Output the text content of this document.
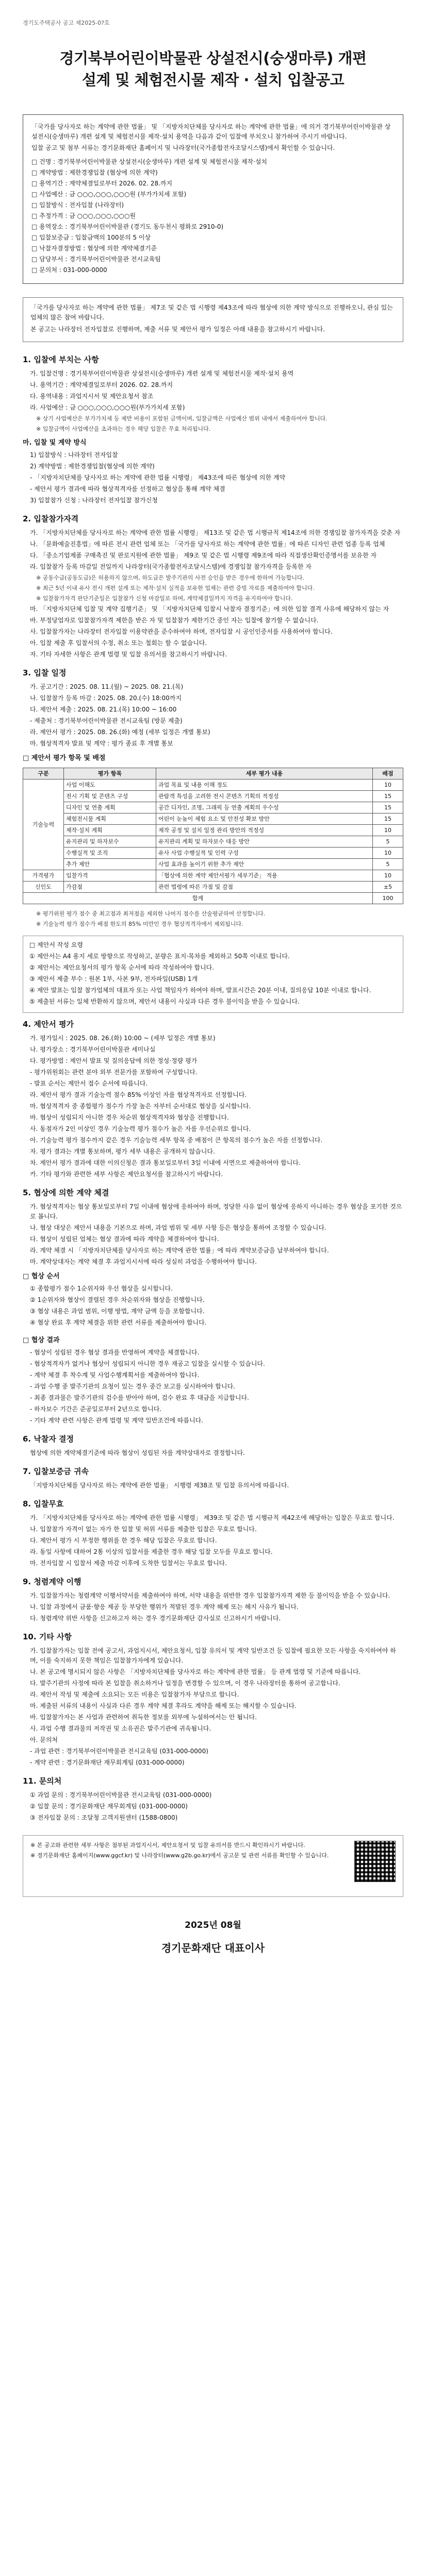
경기도주택공사 공고 제2025-0?호

경기북부어린이박물관 상설전시(숭생마루) 개편
설계 및 체험전시물 제작 · 설치 입찰공고

「국가를 당사자로 하는 계약에 관한 법률」 및 「지방자치단체를 당사자로 하는 계약에 관한 법률」에 의거 경기북부어린이박물관 상설전시(숭생마루) 개편 설계 및 체험전시물 제작·설치 용역을 다음과 같이 입찰에 부치오니 참가하여 주시기 바랍니다.

입찰 공고 및 첨부 서류는 경기문화재단 홈페이지 및 나라장터(국가종합전자조달시스템)에서 확인할 수 있습니다.

□ 건명 : 경기북부어린이박물관 상설전시(숭생마루) 개편 설계 및 체험전시물 제작·설치

□ 계약방법 : 제한경쟁입찰 (협상에 의한 계약)

□ 용역기간 : 계약체결일로부터 2026. 02. 28.까지

□ 사업예산 : 금 ○○○,○○○,○○○원 (부가가치세 포함)

□ 입찰방식 : 전자입찰 (나라장터)

□ 추정가격 : 금 ○○○,○○○,○○○원

□ 용역장소 : 경기북부어린이박물관 (경기도 동두천시 평화로 2910-0)

□ 입찰보증금 : 입찰금액의 100분의 5 이상

□ 낙찰자결정방법 : 협상에 의한 계약체결기준

□ 담당부서 : 경기북부어린이박물관 전시교육팀

□ 문의처 : 031-000-0000

「국가를 당사자로 하는 계약에 관한 법률」 제7조 및 같은 법 시행령 제43조에 따라 협상에 의한 계약 방식으로 진행하오니, 관심 있는 업체의 많은 참여 바랍니다.

본 공고는 나라장터 전자입찰로 진행하며, 제출 서류 및 제안서 평가 일정은 아래 내용을 참고하시기 바랍니다.

1. 입찰에 부치는 사항

가. 입찰건명 : 경기북부어린이박물관 상설전시(숭생마루) 개편 설계 및 체험전시물 제작·설치 용역

나. 용역기간 : 계약체결일로부터 2026. 02. 28.까지

다. 용역내용 : 과업지시서 및 제안요청서 참조

라. 사업예산 : 금 ○○○,○○○,○○○원(부가가치세 포함)

※ 상기 사업예산은 부가가치세 등 제반 비용이 포함된 금액이며, 입찰금액은 사업예산 범위 내에서 제출하여야 합니다.

※ 입찰금액이 사업예산을 초과하는 경우 해당 입찰은 무효 처리됩니다.

마. 입찰 및 계약 방식

1) 입찰방식 : 나라장터 전자입찰

2) 계약방법 : 제한경쟁입찰(협상에 의한 계약)

- 「지방자치단체를 당사자로 하는 계약에 관한 법률 시행령」 제43조에 따른 협상에 의한 계약

- 제안서 평가 결과에 따라 협상적격자를 선정하고 협상을 통해 계약 체결

3) 입찰참가 신청 : 나라장터 전자입찰 참가신청

2. 입찰참가자격

가. 「지방자치단체를 당사자로 하는 계약에 관한 법률 시행령」 제13조 및 같은 법 시행규칙 제14조에 의한 경쟁입찰 참가자격을 갖춘 자

나. 「문화예술진흥법」에 따른 전시 관련 업체 또는 「국가를 당사자로 하는 계약에 관한 법률」에 따른 디자인 관련 업종 등록 업체

다. 「중소기업제품 구매촉진 및 판로지원에 관한 법률」 제9조 및 같은 법 시행령 제9조에 따라 직접생산확인증명서를 보유한 자

라. 입찰참가 등록 마감일 전일까지 나라장터(국가종합전자조달시스템)에 경쟁입찰 참가자격을 등록한 자

※ 공동수급(공동도급)은 허용하지 않으며, 하도급은 발주기관의 사전 승인을 받은 경우에 한하여 가능합니다.

※ 최근 5년 이내 유사 전시 개편 설계 또는 제작·설치 실적을 보유한 업체는 관련 증빙 자료를 제출하여야 합니다.

※ 입찰참가자격 판단기준일은 입찰참가 신청 마감일로 하며, 계약체결일까지 자격을 유지하여야 합니다.

마. 「지방자치단체 입찰 및 계약 집행기준」 및 「지방자치단체 입찰시 낙찰자 결정기준」에 의한 입찰 결격 사유에 해당하지 않는 자

바. 부정당업자로 입찰참가자격 제한을 받은 자 및 입찰참가 제한기간 중인 자는 입찰에 참가할 수 없습니다.

사. 입찰참가자는 나라장터 전자입찰 이용약관을 준수하여야 하며, 전자입찰 시 공인인증서를 사용하여야 합니다.

아. 입찰 제출 후 입찰서의 수정, 취소 또는 철회는 할 수 없습니다.

자. 기타 자세한 사항은 관계 법령 및 입찰 유의서를 참고하시기 바랍니다.

3. 입찰 일정

가. 공고기간 : 2025. 08. 11.(월) ~ 2025. 08. 21.(목)

나. 입찰참가 등록 마감 : 2025. 08. 20.(수) 18:00까지

다. 제안서 제출 : 2025. 08. 21.(목) 10:00 ~ 16:00

- 제출처 : 경기북부어린이박물관 전시교육팀 (방문 제출)

라. 제안서 평가 : 2025. 08. 26.(화) 예정 (세부 일정은 개별 통보)

마. 협상적격자 발표 및 계약 : 평가 종료 후 개별 통보

□ 제안서 평가 항목 및 배점

구분	평가 항목	세부 평가 내용	배점
기술능력	사업 이해도	과업 목표 및 내용 이해 정도	10
	전시 기획 및 콘텐츠 구성	관람객 특성을 고려한 전시 콘텐츠 기획의 적정성	15
	디자인 및 연출 계획	공간 디자인, 조명, 그래픽 등 연출 계획의 우수성	15
	체험전시물 계획	어린이 눈높이 체험 요소 및 안전성 확보 방안	15
	제작·설치 계획	제작 공정 및 설치 일정 관리 방안의 적정성	10
	유지관리 및 하자보수	유지관리 계획 및 하자보수 대응 방안	5
	수행실적 및 조직	유사 사업 수행실적 및 인력 구성	10
	추가 제안	사업 효과를 높이기 위한 추가 제안	5
가격평가	입찰가격	「협상에 의한 계약 제안서평가 세부기준」 적용	10
신인도	가감점	관련 법령에 따른 가점 및 감점	±5
합계			100

※ 평가위원 평가 점수 중 최고점과 최저점을 제외한 나머지 점수를 산술평균하여 산정합니다.

※ 기술능력 평가 점수가 배점 한도의 85% 미만인 경우 협상적격자에서 제외됩니다.

□ 제안서 작성 요령

① 제안서는 A4 용지 세로 방향으로 작성하고, 분량은 표지·목차를 제외하고 50쪽 이내로 합니다.

② 제안서는 제안요청서의 평가 항목 순서에 따라 작성하여야 합니다.

③ 제안서 제출 부수 : 원본 1부, 사본 9부, 전자파일(USB) 1개

④ 제안 발표는 입찰 참가업체의 대표자 또는 사업 책임자가 하여야 하며, 발표시간은 20분 이내, 질의응답 10분 이내로 합니다.

⑤ 제출된 서류는 일체 반환하지 않으며, 제안서 내용이 사실과 다른 경우 불이익을 받을 수 있습니다.

4. 제안서 평가

가. 평가일시 : 2025. 08. 26.(화) 10:00 ~ (세부 일정은 개별 통보)

나. 평가장소 : 경기북부어린이박물관 세미나실

다. 평가방법 : 제안서 발표 및 질의응답에 의한 정성·정량 평가

- 평가위원회는 관련 분야 외부 전문가를 포함하여 구성합니다.

- 발표 순서는 제안서 접수 순서에 따릅니다.

라. 제안서 평가 결과 기술능력 점수 85% 이상인 자를 협상적격자로 선정합니다.

마. 협상적격자 중 종합평가 점수가 가장 높은 자부터 순서대로 협상을 실시합니다.

바. 협상이 성립되지 아니한 경우 차순위 협상적격자와 협상을 진행합니다.

사. 동점자가 2인 이상인 경우 기술능력 평가 점수가 높은 자를 우선순위로 합니다.

아. 기술능력 평가 점수까지 같은 경우 기술능력 세부 항목 중 배점이 큰 항목의 점수가 높은 자를 선정합니다.

자. 평가 결과는 개별 통보하며, 평가 세부 내용은 공개하지 않습니다.

차. 제안서 평가 결과에 대한 이의신청은 결과 통보일로부터 3일 이내에 서면으로 제출하여야 합니다.

카. 기타 평가와 관련한 세부 사항은 제안요청서를 참고하시기 바랍니다.

5. 협상에 의한 계약 체결

가. 협상적격자는 협상 통보일로부터 7일 이내에 협상에 응하여야 하며, 정당한 사유 없이 협상에 응하지 아니하는 경우 협상을 포기한 것으로 봅니다.

나. 협상 대상은 제안서 내용을 기본으로 하며, 과업 범위 및 세부 사항 등은 협상을 통하여 조정할 수 있습니다.

다. 협상이 성립된 업체는 협상 결과에 따라 계약을 체결하여야 합니다.

라. 계약 체결 시 「지방자치단체를 당사자로 하는 계약에 관한 법률」에 따라 계약보증금을 납부하여야 합니다.

마. 계약상대자는 계약 체결 후 과업지시서에 따라 성실히 과업을 수행하여야 합니다.

□ 협상 순서

① 종합평가 점수 1순위자와 우선 협상을 실시합니다.

② 1순위자와 협상이 결렬된 경우 차순위자와 협상을 진행합니다.

③ 협상 내용은 과업 범위, 이행 방법, 계약 금액 등을 포함합니다.

④ 협상 완료 후 계약 체결을 위한 관련 서류를 제출하여야 합니다.

□ 협상 결과

- 협상이 성립된 경우 협상 결과를 반영하여 계약을 체결합니다.

- 협상적격자가 없거나 협상이 성립되지 아니한 경우 재공고 입찰을 실시할 수 있습니다.

- 계약 체결 후 착수계 및 사업수행계획서를 제출하여야 합니다.

- 과업 수행 중 발주기관의 요청이 있는 경우 중간 보고를 실시하여야 합니다.

- 최종 결과물은 발주기관의 검수를 받아야 하며, 검수 완료 후 대금을 지급합니다.

- 하자보수 기간은 준공일로부터 2년으로 합니다.

- 기타 계약 관련 사항은 관계 법령 및 계약 일반조건에 따릅니다.

6. 낙찰자 결정

협상에 의한 계약체결기준에 따라 협상이 성립된 자를 계약상대자로 결정합니다.

7. 입찰보증금 귀속

「지방자치단체를 당사자로 하는 계약에 관한 법률」 시행령 제38조 및 입찰 유의서에 따릅니다.

8. 입찰무효

가. 「지방자치단체를 당사자로 하는 계약에 관한 법률 시행령」 제39조 및 같은 법 시행규칙 제42조에 해당하는 입찰은 무효로 합니다.

나. 입찰참가 자격이 없는 자가 한 입찰 및 허위 서류를 제출한 입찰은 무효로 합니다.

다. 제안서 평가 시 부정한 행위를 한 경우 해당 입찰은 무효로 합니다.

라. 동일 사항에 대하여 2통 이상의 입찰서를 제출한 경우 해당 입찰 모두를 무효로 합니다.

마. 전자입찰 시 입찰서 제출 마감 이후에 도착한 입찰서는 무효로 합니다.

9. 청렴계약 이행

가. 입찰참가자는 청렴계약 이행서약서를 제출하여야 하며, 서약 내용을 위반한 경우 입찰참가자격 제한 등 불이익을 받을 수 있습니다.

나. 입찰 과정에서 금품·향응 제공 등 부당한 행위가 적발된 경우 계약 해제 또는 해지 사유가 됩니다.

다. 청렴계약 위반 사항을 신고하고자 하는 경우 경기문화재단 감사실로 신고하시기 바랍니다.

10. 기타 사항

가. 입찰참가자는 입찰 전에 공고서, 과업지시서, 제안요청서, 입찰 유의서 및 계약 일반조건 등 입찰에 필요한 모든 사항을 숙지하여야 하며, 이를 숙지하지 못한 책임은 입찰참가자에게 있습니다.

나. 본 공고에 명시되지 않은 사항은 「지방자치단체를 당사자로 하는 계약에 관한 법률」 등 관계 법령 및 기준에 따릅니다.

다. 발주기관의 사정에 따라 본 입찰을 취소하거나 일정을 변경할 수 있으며, 이 경우 나라장터를 통하여 공고합니다.

라. 제안서 작성 및 제출에 소요되는 모든 비용은 입찰참가자 부담으로 합니다.

마. 제출된 서류의 내용이 사실과 다른 경우 계약 체결 후라도 계약을 해제 또는 해지할 수 있습니다.

바. 입찰참가자는 본 사업과 관련하여 취득한 정보를 외부에 누설하여서는 안 됩니다.

사. 과업 수행 결과물의 저작권 및 소유권은 발주기관에 귀속됩니다.

아. 문의처

- 과업 관련 : 경기북부어린이박물관 전시교육팀 (031-000-0000)

- 계약 관련 : 경기문화재단 재무회계팀 (031-000-0000)

11. 문의처

① 과업 문의 : 경기북부어린이박물관 전시교육팀 (031-000-0000)

② 입찰 문의 : 경기문화재단 재무회계팀 (031-000-0000)

③ 전자입찰 문의 : 조달청 고객지원센터 (1588-0800)

※ 본 공고와 관련한 세부 사항은 첨부된 과업지시서, 제안요청서 및 입찰 유의서를 반드시 확인하시기 바랍니다.

※ 경기문화재단 홈페이지(www.ggcf.kr) 및 나라장터(www.g2b.go.kr)에서 공고문 및 관련 서류를 확인할 수 있습니다.

2025년 08월

경기문화재단 대표이사
